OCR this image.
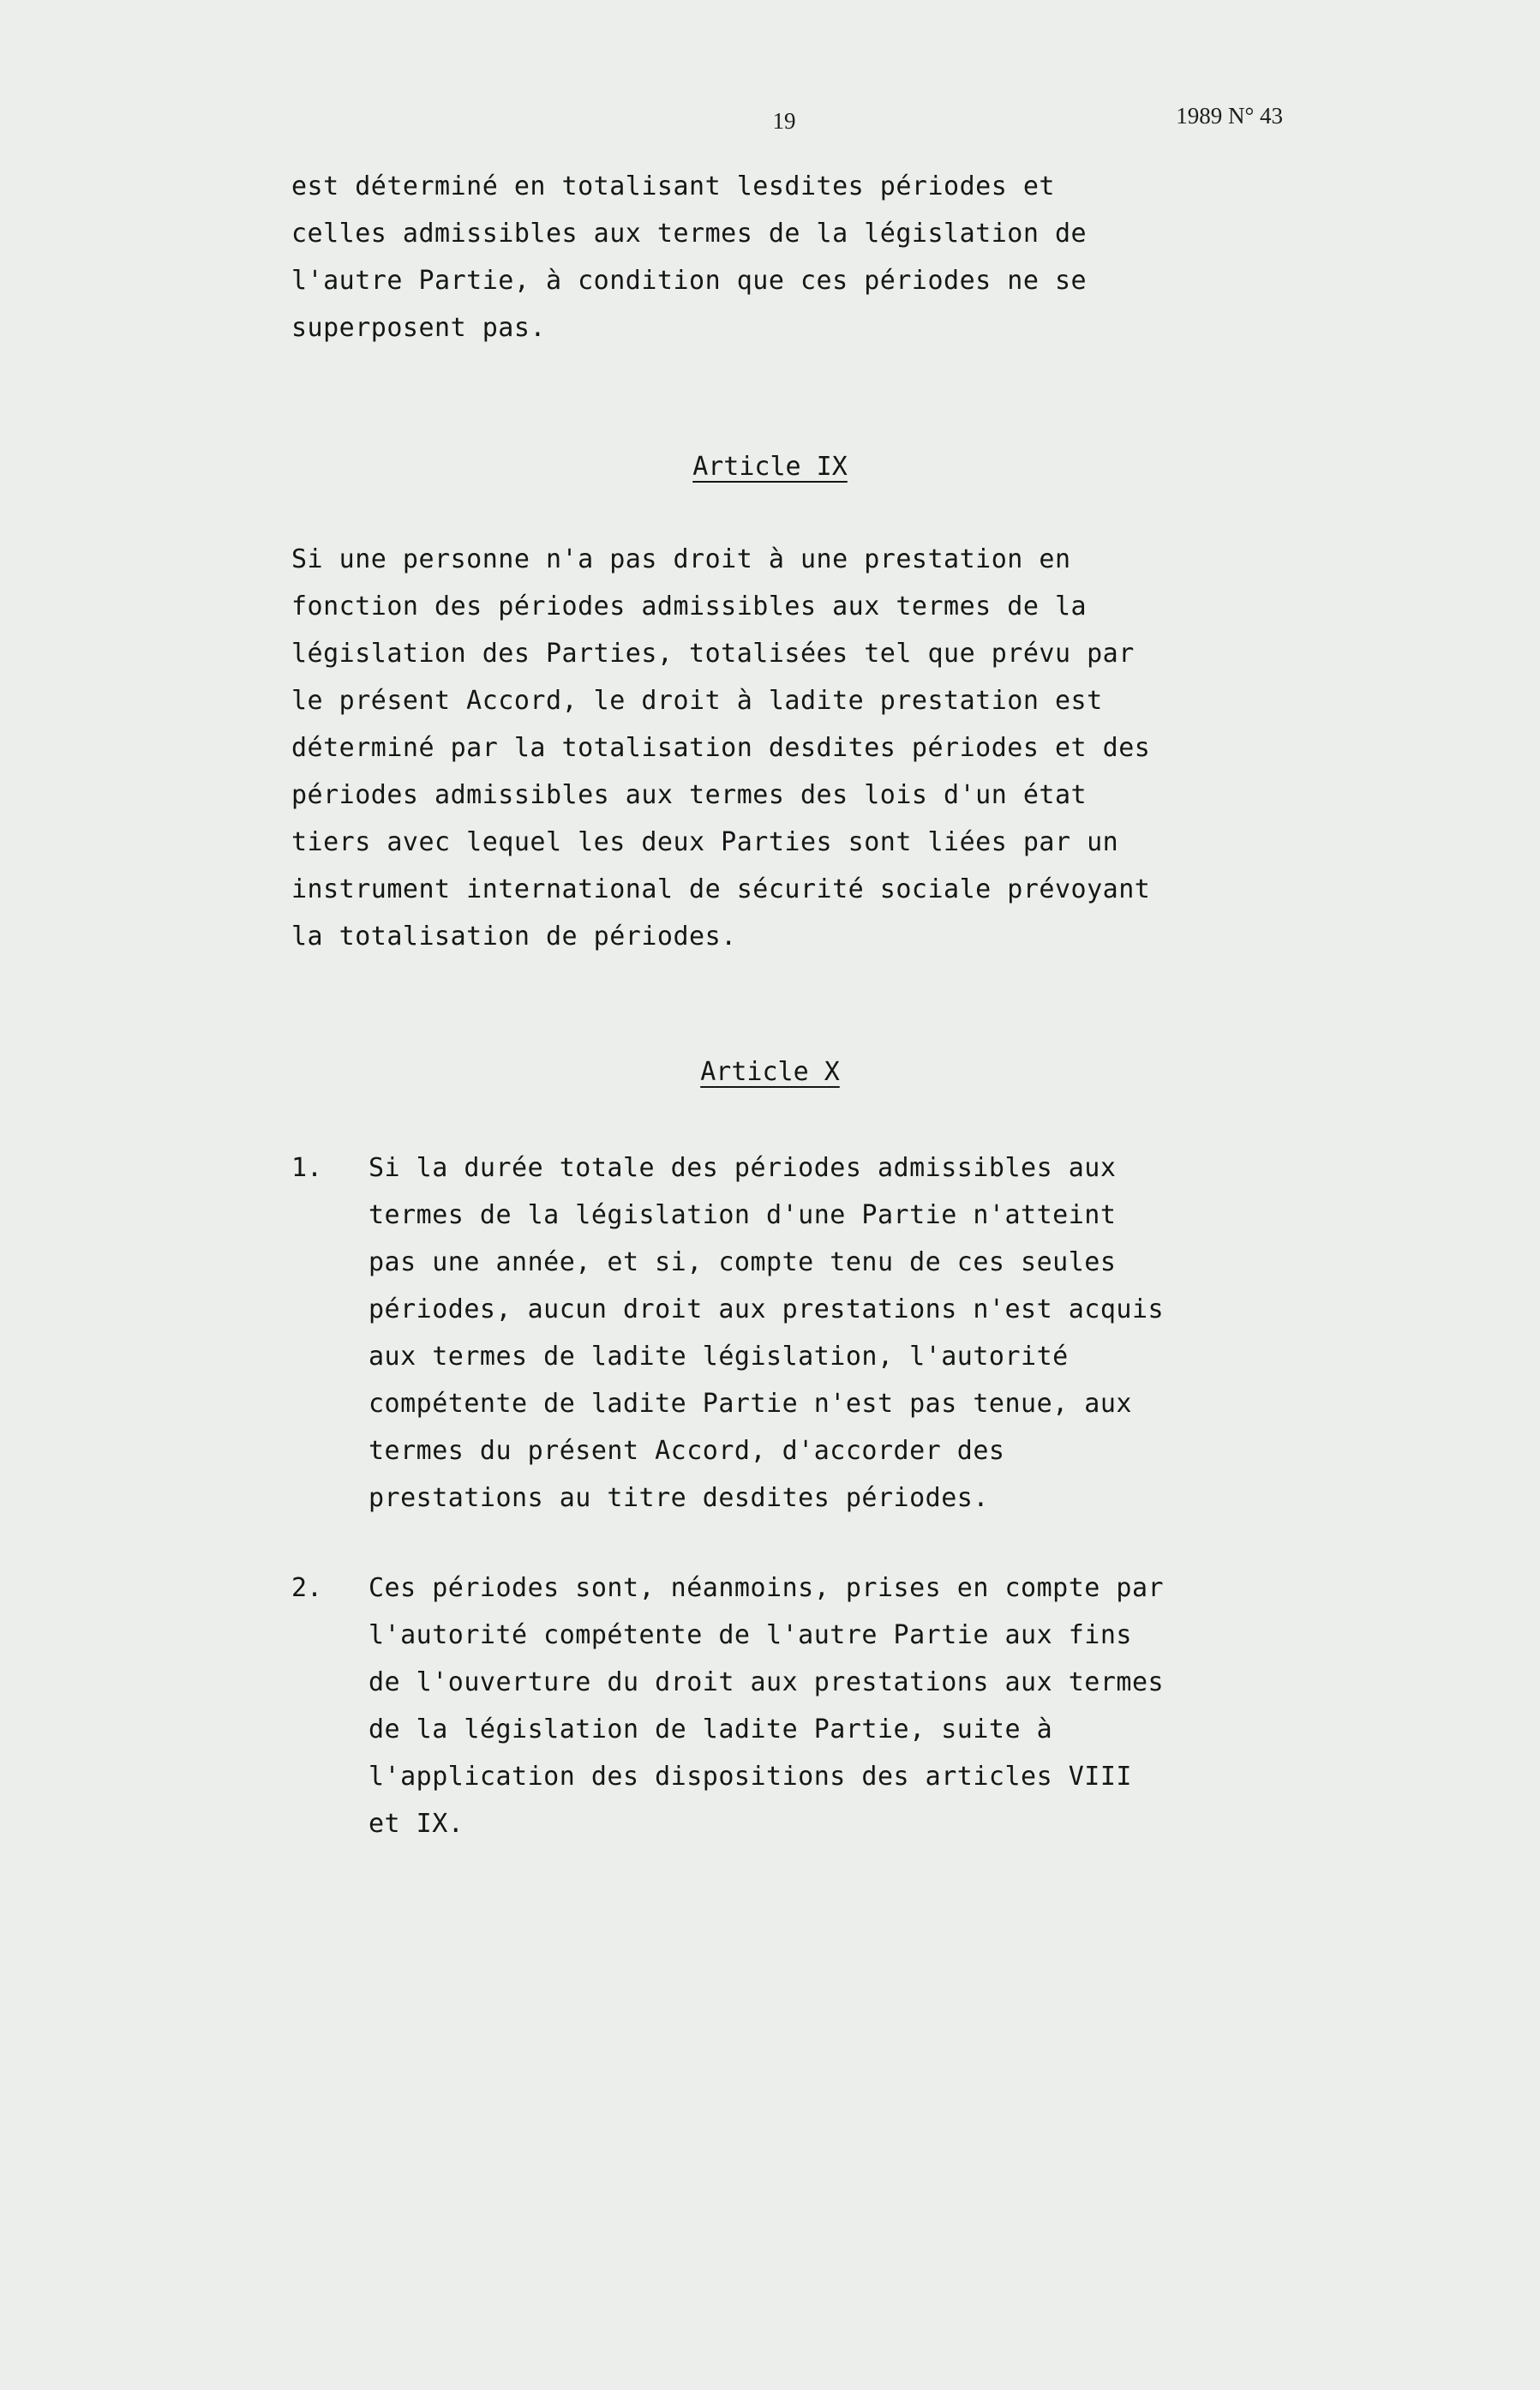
19	1989 N° 43
est déterminé en totalisant lesdites périodes et
celles admissibles aux termes de la législation de
l'autre Partie, à condition que ces périodes ne se
superposent pas.
Article IX
Si une personne n'a pas droit à une prestation en
fonction des périodes admissibles aux termes de la
législation des Parties, totalisées tel que prévu par
le présent Accord, le droit à ladite prestation est
déterminé par la totalisation desdites périodes et des
périodes admissibles aux termes des lois d'un état
tiers avec lequel les deux Parties sont liées par un
instrument international de sécurité sociale prévoyant
la totalisation de périodes.
Article X
1.	Si la durée totale des périodes admissibles aux
termes de la législation d'une Partie n'atteint
pas une année, et si, compte tenu de ces seules
périodes, aucun droit aux prestations n'est acquis
aux termes de ladite législation, l'autorité
compétente de ladite Partie n'est pas tenue, aux
termes du présent Accord, d'accorder des
prestations au titre desdites périodes.
2.	Ces périodes sont, néanmoins, prises en compte par
l'autorité compétente de l'autre Partie aux fins
de l'ouverture du droit aux prestations aux termes
de la législation de ladite Partie, suite à
l'application des dispositions des articles VIII
et IX.
